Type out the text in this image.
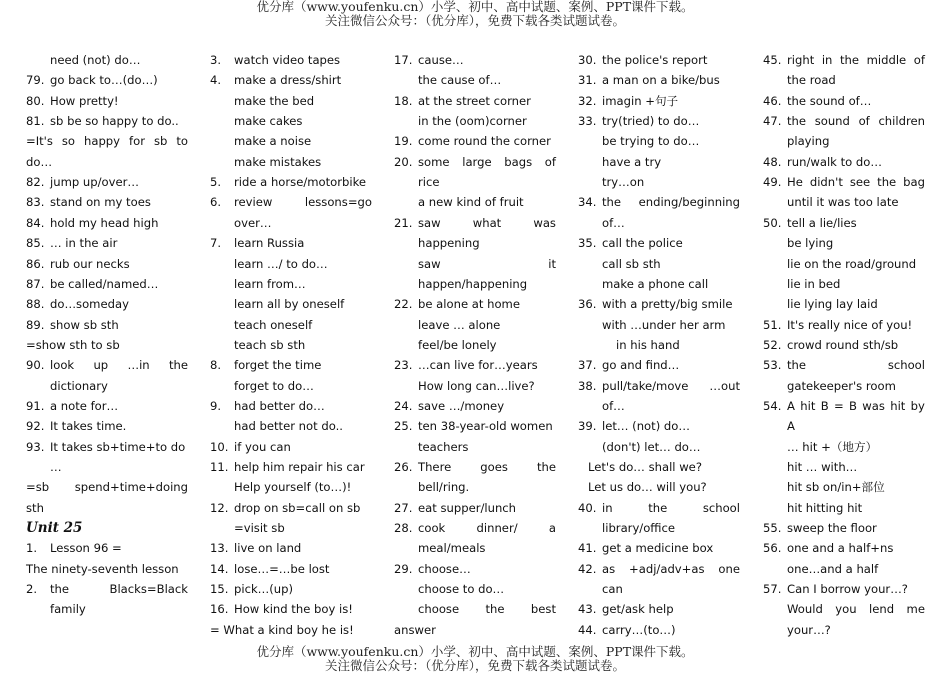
优分库（www.youfenku.cn）小学、初中、高中试题、案例、PPT课件下载。
关注微信公众号：（优分库），免费下载各类试题试卷。
need (not) do…
79. go back to…(do…)
80. How pretty!
81. sb be so happy to do..
=It's so happy for sb to
do…
82. jump up/over…
83. stand on my toes
84. hold my head high
85. … in the air
86. rub our necks
87. be called/named…
88. do…someday
89. show sb sth
=show sth to sb
90. look up …in the
dictionary
91. a note for…
92. It takes time.
93. It takes sb+time+to do
…
=sb spend+time+doing
sth
Unit 25
1.	Lesson 96 =
The ninety-seventh lesson
2.	the	Blacks=Black
family
3.	watch video tapes
4.	make a dress/shirt
make the bed
make cakes
make a noise
make mistakes
5.	ride a horse/motorbike
6.	review	lessons=go
over…
7.	learn Russia
learn …/ to do…
learn from…
learn all by oneself
teach oneself
teach sb sth
8.	forget the time
forget to do…
9.	had better do…
had better not do..
10. if you can
11. help him repair his car
Help yourself (to…)!
12. drop on sb=call on sb
=visit sb
13. live on land
14. lose…=…be lost
15. pick…(up)
16. How kind the boy is!
= What a kind boy he is!
17. cause…
the cause of…
18. at the street corner
in the (oom)corner
19. come round the corner
20. some large bags of
rice
a new kind of fruit
21. saw	what	was
happening
saw	it
happen/happening
22. be alone at home
leave … alone
feel/be lonely
23. …can live for…years
How long can…live?
24. save …/money
25. ten 38-year-old women
teachers
26. There	goes	the
bell/ring.
27. eat supper/lunch
28. cook	dinner/	a
meal/meals
29. choose…
choose to do…
choose the best
answer
30. the police's report
31. a man on a bike/bus
32. imagin +句子
33. try(tried) to do…
be trying to do…
have a try
try…on
34. the ending/beginning
of…
35. call the police
call sb sth
make a phone call
36. with a pretty/big smile
with …under her arm
in his hand
37. go and find…
38. pull/take/move …out
of…
39. let… (not) do…
(don't) let… do…
Let's do… shall we?
Let us do… will you?
40. in	the	school
library/office
41. get a medicine box
42. as +adj/adv+as one
can
43. get/ask help
44. carry…(to…)
45. right in the middle of
the road
46. the sound of…
47. the sound of children
playing
48. run/walk to do…
49. He didn't see the bag
until it was too late
50. tell a lie/lies
be lying
lie on the road/ground
lie in bed
lie lying lay laid
51. It's really nice of you!
52. crowd round sth/sb
53. the	school
gatekeeper's room
54. A hit B = B was hit by
A
… hit +（地方）
hit … with…
hit sb on/in+部位
hit hitting hit
55. sweep the floor
56. one and a half+ns
one…and a half
57. Can I borrow your…?
Would you lend me
your…?
优分库（www.youfenku.cn）小学、初中、高中试题、案例、PPT课件下载。
关注微信公众号：（优分库），免费下载各类试题试卷。
